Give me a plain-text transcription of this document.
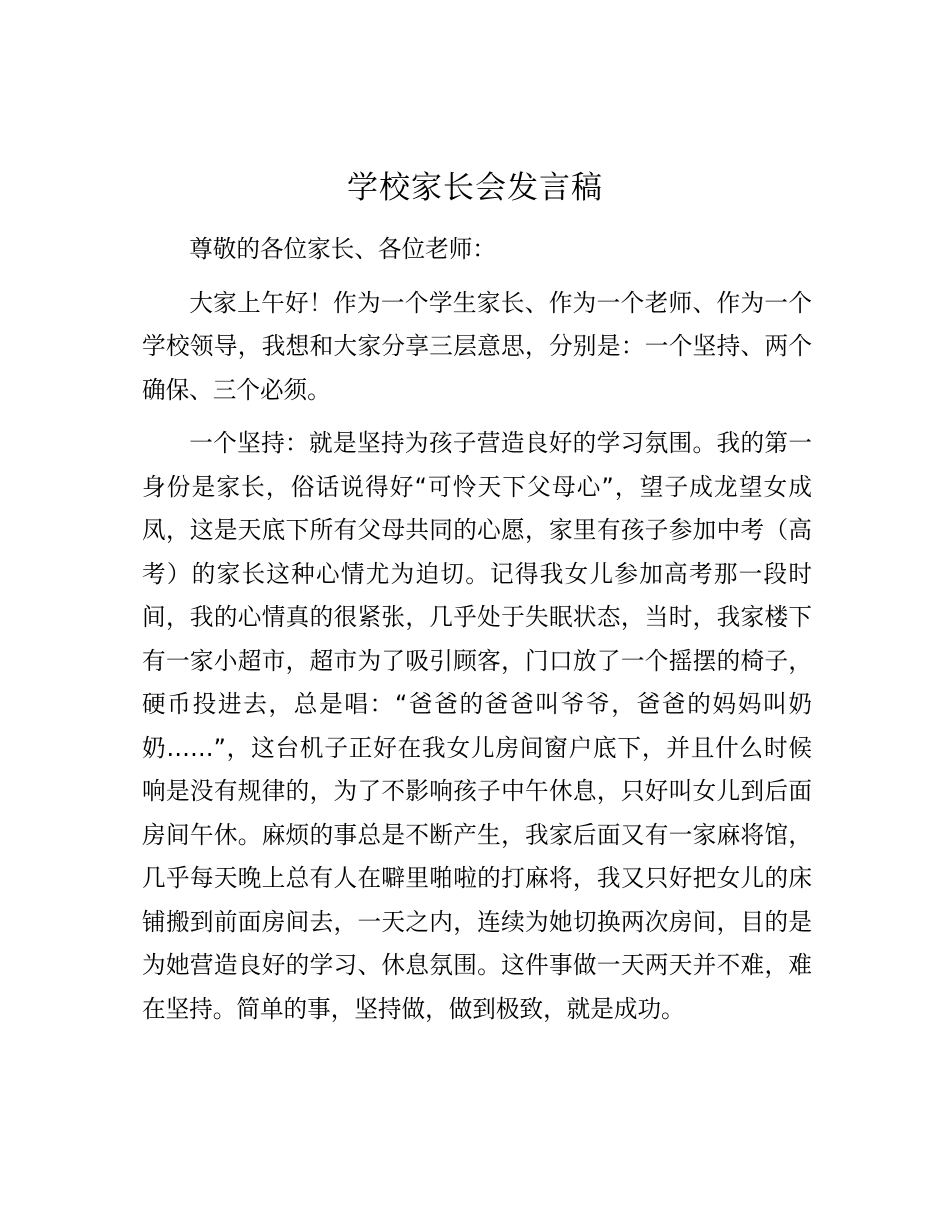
学校家长会发言稿

尊敬的各位家长、各位老师：

大家上午好！作为一个学生家长、作为一个老师、作为一个学校领导，我想和大家分享三层意思，分别是：一个坚持、两个确保、三个必须。

一个坚持：就是坚持为孩子营造良好的学习氛围。我的第一身份是家长，俗话说得好“可怜天下父母心”，望子成龙望女成凤，这是天底下所有父母共同的心愿，家里有孩子参加中考（高考）的家长这种心情尤为迫切。记得我女儿参加高考那一段时间，我的心情真的很紧张，几乎处于失眠状态，当时，我家楼下有一家小超市，超市为了吸引顾客，门口放了一个摇摆的椅子，硬币投进去，总是唱：“爸爸的爸爸叫爷爷，爸爸的妈妈叫奶奶……”，这台机子正好在我女儿房间窗户底下，并且什么时候响是没有规律的，为了不影响孩子中午休息，只好叫女儿到后面房间午休。麻烦的事总是不断产生，我家后面又有一家麻将馆，几乎每天晚上总有人在噼里啪啦的打麻将，我又只好把女儿的床铺搬到前面房间去，一天之内，连续为她切换两次房间，目的是为她营造良好的学习、休息氛围。这件事做一天两天并不难，难在坚持。简单的事，坚持做，做到极致，就是成功。
